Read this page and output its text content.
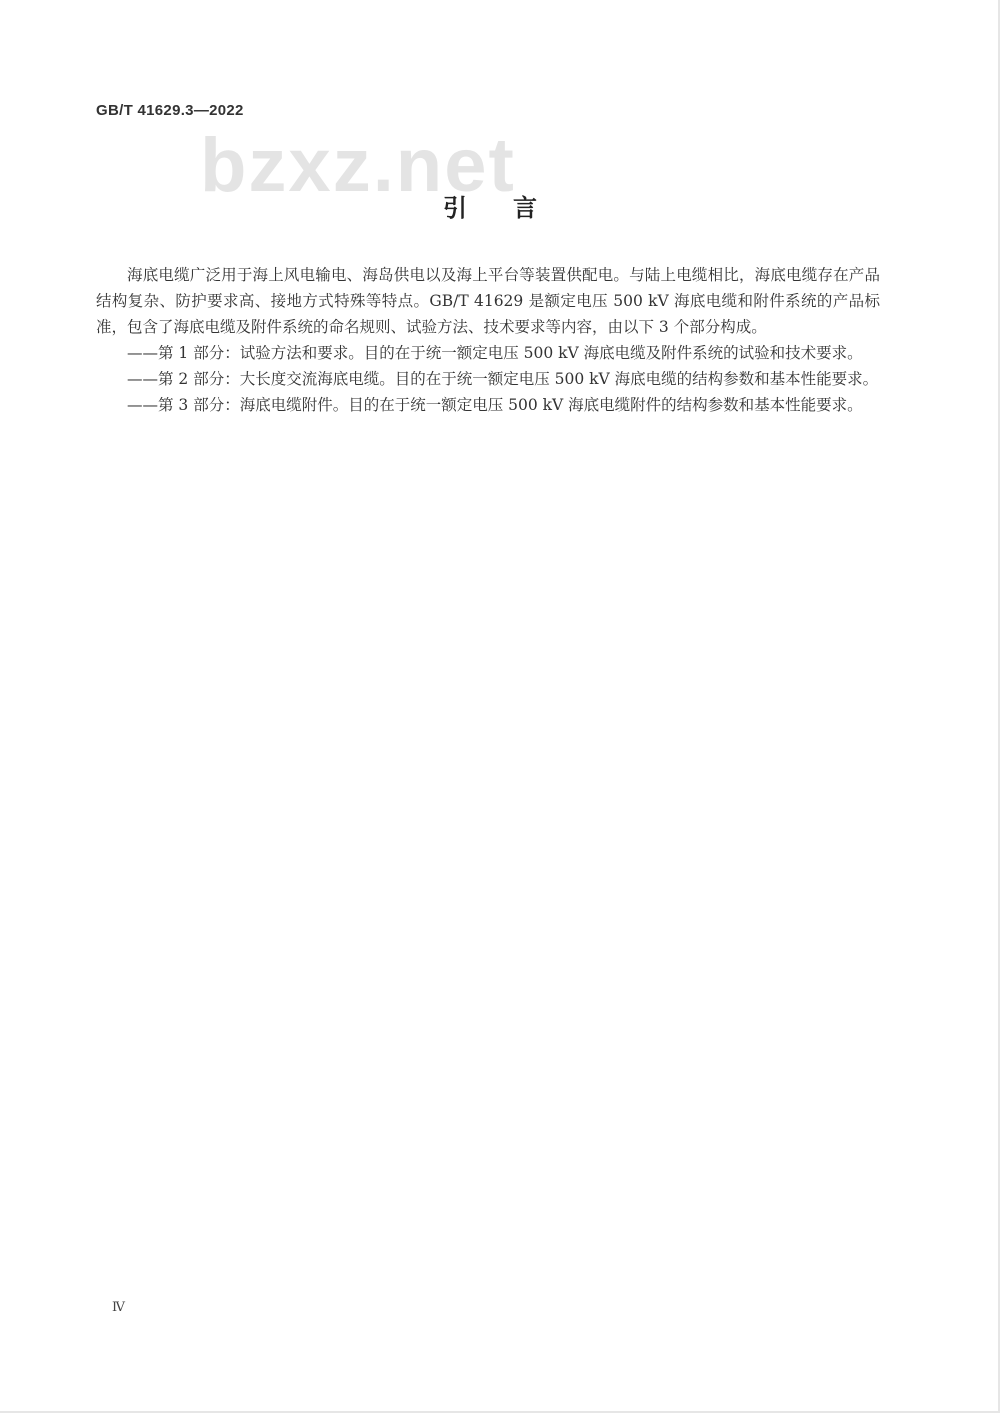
GB/T 41629.3—2022
bzxz.net
引言

海底电缆广泛用于海上风电输电、海岛供电以及海上平台等装置供配电。与陆上电缆相比，海底电缆存在产品结构复杂、防护要求高、接地方式特殊等特点。GB/T 41629 是额定电压 500 kV 海底电缆和附件系统的产品标准，包含了海底电缆及附件系统的命名规则、试验方法、技术要求等内容，由以下 3 个部分构成。

——第 1 部分：试验方法和要求。目的在于统一额定电压 500 kV 海底电缆及附件系统的试验和技术要求。

——第 2 部分：大长度交流海底电缆。目的在于统一额定电压 500 kV 海底电缆的结构参数和基本性能要求。

——第 3 部分：海底电缆附件。目的在于统一额定电压 500 kV 海底电缆附件的结构参数和基本性能要求。

Ⅳ
